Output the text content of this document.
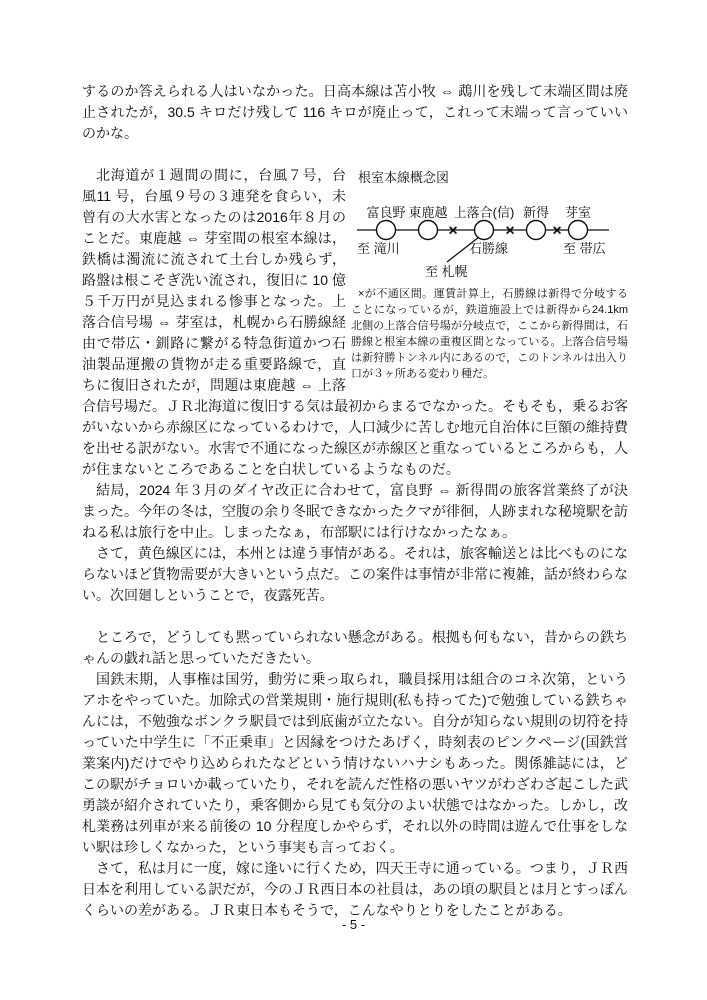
するのか答えられる人はいなかった。日高本線は苫小牧 ⇔ 鵡川を残して末端区間は廃止されたが，30.5 キロだけ残して 116 キロが廃止って，これって末端って言っていいのかな。

根室本線概念図
×	× ×
富良野 東鹿越 上落合(信) 新得 芽室
至 滝川	至 帯広
石勝線
至 札幌
×が不通区間。運賃計算上，石勝線は新得で分岐することになっているが，鉄道施設上では新得から24.1km北側の上落合信号場が分岐点で，ここから新得間は，石勝線と根室本線の重複区間となっている。上落合信号場は新狩勝トンネル内にあるので，このトンネルは出入り口が３ヶ所ある変わり種だ。

北海道が１週間の間に，台風７号，台風11 号，台風９号の３連発を食らい，未曾有の大水害となったのは2016年８月のことだ。東鹿越 ⇔ 芽室間の根室本線は，鉄橋は濁流に流されて土台しか残らず，路盤は根こそぎ洗い流され，復旧に 10 億５千万円が見込まれる惨事となった。上落合信号場 ⇔ 芽室は，札幌から石勝線経由で帯広・釧路に繋がる特急街道かつ石油製品運搬の貨物が走る重要路線で，直ちに復旧されたが，問題は東鹿越 ⇔ 上落合信号場だ。ＪＲ北海道に復旧する気は最初からまるでなかった。そもそも，乗るお客がいないから赤線区になっているわけで，人口減少に苦しむ地元自治体に巨額の維持費を出せる訳がない。水害で不通になった線区が赤線区と重なっているところからも，人が住まないところであることを白状しているようなものだ。

結局，2024 年３月のダイヤ改正に合わせて，富良野 ⇔ 新得間の旅客営業終了が決まった。今年の冬は，空腹の余り冬眠できなかったクマが徘徊，人跡まれな秘境駅を訪ねる私は旅行を中止。しまったなぁ，布部駅には行けなかったなぁ。

さて，黄色線区には，本州とは違う事情がある。それは，旅客輸送とは比べものにならないほど貨物需要が大きいという点だ。この案件は事情が非常に複雑，話が終わらない。次回廻しということで，夜露死苦。

ところで，どうしても黙っていられない懸念がある。根拠も何もない，昔からの鉄ちゃんの戯れ話と思っていただきたい。

国鉄末期，人事権は国労，動労に乗っ取られ，職員採用は組合のコネ次第，というアホをやっていた。加除式の営業規則・施行規則(私も持ってた)で勉強している鉄ちゃんには，不勉強なボンクラ駅員では到底歯が立たない。自分が知らない規則の切符を持っていた中学生に「不正乗車」と因縁をつけたあげく，時刻表のピンクページ(国鉄営業案内)だけでやり込められたなどという情けないハナシもあった。関係雑誌には，どこの駅がチョロいか載っていたり，それを読んだ性格の悪いヤツがわざわざ起こした武勇談が紹介されていたり，乗客側から見ても気分のよい状態ではなかった。しかし，改札業務は列車が来る前後の 10 分程度しかやらず，それ以外の時間は遊んで仕事をしない駅は珍しくなかった，という事実も言っておく。

さて，私は月に一度，嫁に逢いに行くため，四天王寺に通っている。つまり，ＪＲ西日本を利用している訳だが，今のＪＲ西日本の社員は，あの頃の駅員とは月とすっぽんくらいの差がある。ＪＲ東日本もそうで，こんなやりとりをしたことがある。

- 5 -
